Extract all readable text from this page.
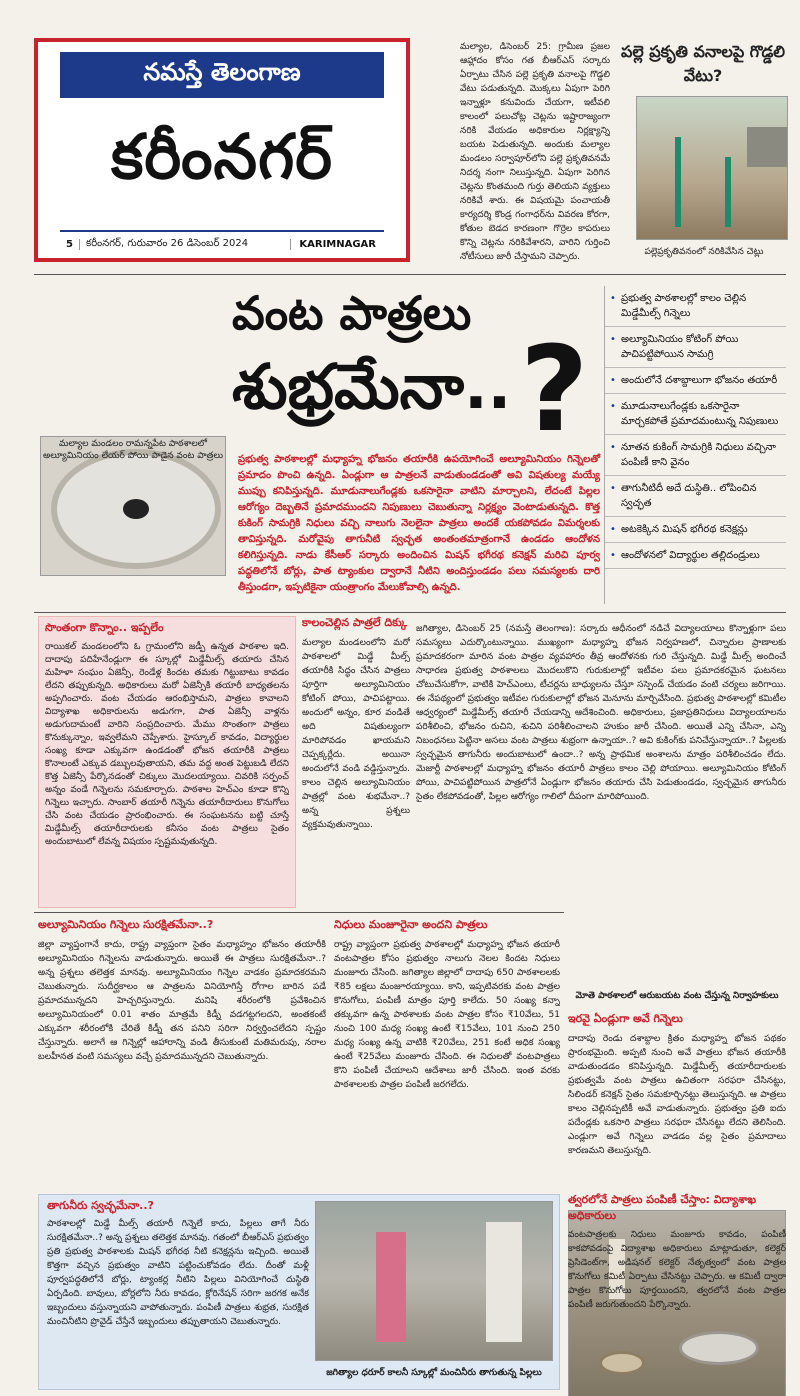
నమస్తే తెలంగాణ
కరీంనగర్
5	కరీంనగర్, గురువారం 26 డిసెంబర్ 2024	KARIMNAGAR

మల్యాల, డిసెంబర్ 25: గ్రామీణ ప్రజల ఆహ్లాదం కోసం గత బీఆర్‌ఎస్ సర్కారు ఏర్పాటు చేసిన పల్లె ప్రకృతి వనాలపై గొడ్డలి వేటు పడుతున్నది. మొక్కలు ఏపుగా పెరిగి ఇన్నాళ్లూ కనువిందు చేయగా, ఇటీవలి కాలంలో పలుచోట్ల చెట్లను ఇష్టారాజ్యంగా నరికి వేయడం అధికారుల నిర్లక్ష్యాన్ని బయట పెడుతున్నది. అందుకు మల్యాల మండలం సర్వాపూర్‌లోని పల్లె ప్రకృతివనమే నిదర్శ నంగా నిలుస్తున్నది. ఏపుగా పెరిగిన చెట్లను కొంతమంది గుర్తు తెలియని వ్యక్తులు నరికివే శారు. ఈ విషయమై పంచాయతీ కార్యదర్శి కొండ్ర గంగాధర్‌ను వివరణ కోరగా, కోతుల బెడద కారణంగా గొర్రెల కాపరులు కొన్ని చెట్లను నరికివేశారని, వారిని గుర్తించి నోటీసులు జారీ చేస్తామని చెప్పారు.

పల్లె ప్రకృతి వనాలపై గొడ్డలి వేటు?
పల్లెప్రకృతివనంలో నరికివేసిన చెట్లు
వంట పాత్రలు
శుభ్రమేనా.. ?
మల్యాల మండలం రామన్నపేట పాఠశాలలో అల్యూమినియం లేయర్ పోయి పాడైన వంట పాత్రలు	ప్రభుత్వ పాఠశాలల్లో మధ్యాహ్న భోజనం తయారీకి ఉపయోగించే అల్యూమినియం గిన్నెలతో ప్రమాదం పొంచి ఉన్నది. ఏండ్లుగా ఆ పాత్రలనే వాడుతుండడంతో అవి విషతుల్య మయ్యే ముప్పు కనిపిస్తున్నది. మూడునాలుగేండ్లకు ఒకసారైనా వాటిని మార్చాలని, లేదంటే పిల్లల ఆరోగ్యం దెబ్బతినే ప్రమాదముందని నిపుణులు చెబుతున్నా నిర్లక్ష్యం వెంటాడుతున్నది. కొత్త కుకింగ్ సామగ్రికి నిధులు వచ్చి నాలుగు నెలలైనా పాత్రలు అందకే యకపోవడం విమర్శలకు తావిస్తున్నది. మరోవైపు తాగునీటి స్వచ్ఛత అంతంతమాత్రంగానే ఉండడం ఆందోళన కలిగిస్తున్నది. నాడు కేసీఆర్ సర్కారు అందించిన మిషన్ భగీరథ కనెక్షన్ మరిచి పూర్వ పద్ధతిలోనే బోర్లు, పాత ట్యాంకుల ద్వారానే నీటిని అందిస్తుండడం పలు సమస్యలకు దారి తీస్తుండగా, ఇప్పటికైనా యంత్రాంగం మేలుకోవాల్సి ఉన్నది.
• ప్రభుత్వ పాఠశాలల్లో కాలం చెల్లిన మిడ్డేమీల్స్ గిన్నెలు
• అల్యూమినియం కోటింగ్ పోయి పాచిపట్టిపోయిన సామగ్రి
• అందులోనే దశాబ్దాలుగా భోజనం తయారీ
• మూడునాలుగేండ్లకు ఒకసారైనా మార్చకపోతే ప్రమాదమంటున్న నిపుణులు
• నూతన కుకింగ్ సామగ్రికి నిధులు వచ్చినా పంపిణీ కాని వైనం
• తాగునీటిదీ అదే దుస్థితి.. లోపించిన స్వచ్ఛత
• అటకెక్కిన మిషన్ భగీరథ కనెక్షన్లు
• ఆందోళనలో విద్యార్థుల తల్లిదండ్రులు
సొంతంగా కొన్నాం.. ఇప్పలేం

రాయికల్ మండలంలోని ఓ గ్రామంలోని జడ్పీ ఉన్నత పాఠశాల ఇది. దాదాపు పదిహేనేండ్లుగా ఈ స్కూల్లో మిడ్డేమీల్స్ తయారు చేసిన మహిళా సంఘం ఏజెన్సీ, రెండేళ్ల కిందట తమకు గిట్టుబాటు కావడం లేదని తప్పుకున్నది. అధికారులు మరో ఏజెన్సీకి తయారీ బాధ్యతలను అప్పగించారు. వంట చేయడం ఆరంభిస్తామని, పాత్రలు కావాలని విద్యాశాఖ అధికారులను అడుగగా, పాత ఏజెన్సీ వాళ్లను అడుగుదామంటే వారిని సంప్రదించారు. మేము సొంతంగా పాత్రలు కొనుక్కున్నాం, ఇవ్వలేమని చెప్పేశారు. హైస్కూల్ కావడం, విద్యార్థుల సంఖ్య కూడా ఎక్కువగా ఉండడంతో భోజన తయారీకి పాత్రలు కొనాలంటే ఎక్కువ డబ్బులవుతాయని, తమ వద్ద అంత పెట్టుబడి లేదని కొత్త ఏజెన్సీ పేర్కొనడంతో చిక్కులు మొదలయ్యాయి. చివరికి సర్పంచ్ అన్నం వండే గిన్నెలను సమకూర్చారు. పాఠశాల హెచ్‌ఎం కూడా కొన్ని గిన్నెలు ఇచ్చారు. సాంబార్ తయారీ గిన్నెను తయారీదారులు కొనుగోలు చేసి వంట చేయడం ప్రారంభించారు. ఈ సంఘటనను బట్టి చూస్తే మిడ్డేమీల్స్ తయారీదారులకు కనీసం వంట పాత్రలు సైతం అందుబాటులో లేవన్న విషయం స్పష్టమవుతున్నది.

కాలంచెల్లిన పాత్రలే దిక్కు

మల్యాల మండలంలోని మరో పాఠశాలలో మిడ్డే మీల్స్ తయారీకి సిద్ధం చేసిన పాత్రలు పూర్తిగా అల్యూమినియం కోటింగ్ పోయి, పాచిపట్టాయి. అందులో అన్నం, కూర వండితే అది విషతుల్యంగా మారిపోవడం ఖాయమని చెప్పక్కర్లేదు. అయినా అందులోనే వండి వడ్డిస్తున్నారు. కాలం చెల్లిన అల్యూమినియం పాత్రల్లో వంట శుభమేనా..? అన్న ప్రశ్నలు వ్యక్తమవుతున్నాయి.

జగిత్యాల, డిసెంబర్ 25 (నమస్తే తెలంగాణ): సర్కారు ఆధీనంలో నడిచే విద్యాలయాలు కొన్నాళ్లుగా పలు సమస్యలు ఎదుర్కొంటున్నాయి. ముఖ్యంగా మధ్యాహ్న భోజన నిర్వహణలో, చిన్నారుల ప్రాణాలకు ప్రమాదకరంగా మారిన వంట పాత్రల వ్యవహారం తీవ్ర ఆందోళనకు గురి చేస్తున్నది. మిడ్డే మీల్స్ అందించే సాధారణ ప్రభుత్వ పాఠశాలలు మొదలుకొని గురుకులాల్లో ఇటీవల పలు ప్రమాదకరమైన ఘటనలు చోటుచేసుకోగా, వాటికి హెచ్‌ఎంలు, టీచర్లను బాధ్యులను చేస్తూ సస్పెండ్ చేయడం వంటి చర్యలు జరిగాయి. ఈ నేపథ్యంలో ప్రభుత్వం ఇటీవల గురుకులాల్లో భోజన మెనూను మార్చివేసింది. ప్రభుత్వ పాఠశాలల్లో కమిటీల ఆధ్వర్యంలో మిడ్డేమీల్స్ తయారీ చేయడాన్ని ఆదేశించింది. అధికారులు, ప్రజాప్రతినిధులు విద్యాలయాలను పరిశీలించి, భోజనం రుచిని, శుచిని పరిశీలించాలని హుకుం జారీ చేసింది. అయితే ఎన్ని చేసినా, ఎన్ని నిబంధనలు పెట్టినా అసలు వంట పాత్రలు శుభ్రంగా ఉన్నాయా..? అవి కుకింగ్‌కు పనిచేస్తున్నాయా..? పిల్లలకు స్వచ్ఛమైన తాగునీరు అందుబాటులో ఉందా..? అన్న ప్రాథమిక అంశాలను మాత్రం పరిశీలించడం లేదు. మెజార్టీ పాఠశాలల్లో మధ్యాహ్న భోజనం తయారీ పాత్రలు కాలం చెల్లి పోయాయి. అల్యూమినియం కోటింగ్ పోయి, పాచిపట్టిపోయిన పాత్రలోనే ఏండ్లుగా భోజనం తయారు చేసి పెడుతుండడం, స్వచ్ఛమైన తాగునీరు సైతం లేకపోవడంతో, పిల్లల ఆరోగ్యం గాలిలో దీపంగా మారిపోయింది.

మోతె పాఠశాలలో ఆరుబయట వంట చేస్తున్న నిర్వాహకులు
అల్యూమినియం గిన్నెలు సురక్షితమేనా..?

జిల్లా వ్యాప్తంగానే కాదు, రాష్ట్ర వ్యాప్తంగా సైతం మధ్యాహ్నం భోజనం తయారీకి అల్యూమినియం గిన్నెలను వాడుతున్నారు. అయితే ఈ పాత్రలు సురక్షితమేనా..? అన్న ప్రశ్నలు తలెత్తక మానవు. అల్యూమినియం గిన్నెల వాడకం ప్రమాదకరమని చెబుతున్నారు. సుదీర్ఘకాలం ఆ పాత్రలను వినియోగిస్తే రోగాల బారిన పడే ప్రమాదమున్నదని హెచ్చరిస్తున్నారు. మనిషి శరీరంలోకి ప్రవేశించిన అల్యూమినియంలో 0.01 శాతం మాత్రమే కిడ్నీ వడగట్టగలదని, అంతకంటే ఎక్కువగా శరీరంలోకి చేరితే కిడ్నీ తన పనిని సరిగా నిర్వర్తించలేదని స్పష్టం చేస్తున్నారు. అలాగే ఆ గిన్నెల్లో ఆహారాన్ని వండి తీసుకుంటే మతిమరుపు, నరాల బలహీనత వంటి సమస్యలు వచ్చే ప్రమాదమున్నదని చెబుతున్నారు.

నిధులు మంజూరైనా అందని పాత్రలు

రాష్ట్ర వ్యాప్తంగా ప్రభుత్వ పాఠశాలల్లో మధ్యాహ్న భోజన తయారీ వంటపాత్రల కోసం ప్రభుత్వం నాలుగు నెలల కిందట నిధులు మంజూరు చేసింది. జగిత్యాల జిల్లాలో దాదాపు 650 పాఠశాలలకు ₹85 లక్షలు మంజూరయ్యాయి. కాని, ఇప్పటివరకు వంట పాత్రల కొనుగోలు, పంపిణీ మాత్రం పూర్తి కాలేదు. 50 సంఖ్య కన్నా తక్కువగా ఉన్న పాఠశాలకు వంట పాత్రల కోసం ₹10వేలు, 51 నుంచి 100 మధ్య సంఖ్య ఉంటే ₹15వేలు, 101 నుంచి 250 మధ్య సంఖ్య ఉన్న వాటికి ₹20వేలు, 251 కంటే అధిక సంఖ్య ఉంటే ₹25వేలు మంజూరు చేసింది. ఈ నిధులతో వంటపాత్రలు కొని పంపిణీ చేయాలని ఆదేశాలు జారీ చేసింది. ఇంత వరకు పాఠశాలలకు పాత్రల పంపిణీ జరగలేదు.

ఇరవై ఏండ్లుగా అవే గిన్నెలు

దాదాపు రెండు దశాబ్దాల క్రితం మధ్యాహ్న భోజన పథకం ప్రారంభమైంది. అప్పటి నుంచి అవే పాత్రలు భోజన తయారీకి వాడుతుండడం కనిపిస్తున్నది. మిడ్డేమీల్స్ తయారీదారులకు ప్రభుత్వమే వంట పాత్రలు ఉచితంగా సరఫరా చేసినట్టు, సిలిండర్ కనెక్షన్ సైతం సమకూర్చినట్టు తెలుస్తున్నది. ఆ పాత్రలు కాలం చెల్లినప్పటికీ అవే వాడుతున్నారు. ప్రభుత్వం ప్రతి ఐదు పదేండ్లకు ఒకసారి పాత్రలు సరఫరా చేసినట్టు లేదని తెలిసింది. ఎండ్లుగా అవే గిన్నెలు వాడడం వల్ల సైతం ప్రమాదాలు కారణమని తెలుస్తున్నది.

తాగునీరు స్వచ్ఛమేనా..?

పాఠశాలల్లో మిడ్డే మీల్స్ తయారీ గిన్నెలే కాదు, పిల్లలు తాగే నీరు సురక్షితమేనా..? అన్న ప్రశ్నలు తలెత్తక మానవు. గతంలో బీఆర్‌ఎస్ ప్రభుత్వం ప్రతి ప్రభుత్వ పాఠశాలకు మిషన్ భగీరథ నీటి కనెక్షన్లను ఇచ్చింది. అయితే కొత్తగా వచ్చిన ప్రభుత్వం వాటిని పట్టించుకోవడం లేదు. దీంతో మళ్లీ పూర్వపద్ధతిలోనే బోర్లు, ట్యాంకర్ల నీటిని పిల్లలు వినియోగించే దుస్థితి ఏర్పడింది. బావులు, బోర్లలోని నీరు కావడం, క్లోరినేషన్ సరిగా జరగక అనేక ఇబ్బందులు వస్తున్నాయని వాపోతున్నారు. పంపిణీ పాత్రలు శుభ్రత, సురక్షిత మంచినీటిని ప్రొవైడ్ చేస్తేనే ఇబ్బందులు తప్పుతాయని చెబుతున్నారు.

జగిత్యాల ధరూర్ కాలనీ స్కూల్లో మంచినీరు తాగుతున్న పిల్లలు
త్వరలోనే పాత్రలు పంపిణీ చేస్తాం: విద్యాశాఖ అధికారులు

వంటపాత్రలకు నిధులు మంజూరు కావడం, పంపిణీ కాకపోవడంపై విద్యాశాఖ అధికారులు మాట్లాడుతూ, కలెక్టర్ ప్రెసిడెంట్‌గా, అడిషనల్ కలెక్టర్ నేతృత్వంలో వంట పాత్రల కొనుగోలు కమిటీ ఏర్పాటు చేసినట్టు చెప్పారు. ఆ కమిటీ ద్వారా పాత్రల కొనుగోలు పూర్తయిందని, త్వరలోనే వంట పాత్రల పంపిణీ జరుగుతుందని పేర్కొన్నారు.
